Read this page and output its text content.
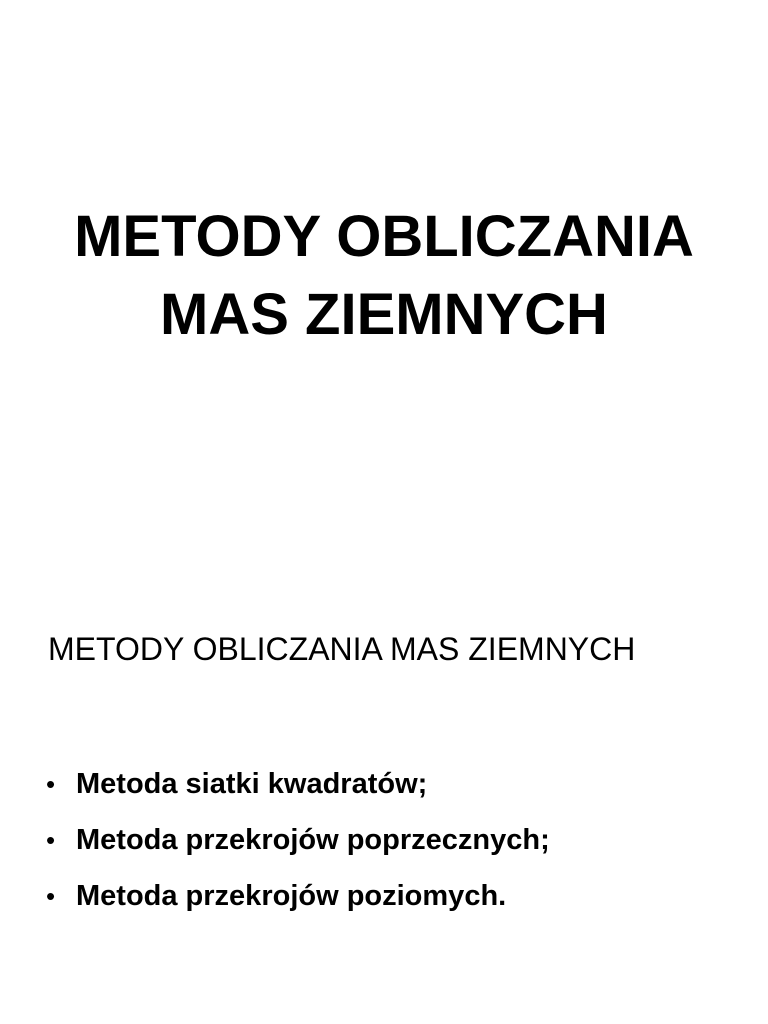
METODY OBLICZANIA
MAS ZIEMNYCH
METODY OBLICZANIA MAS ZIEMNYCH
• Metoda siatki kwadratów;
• Metoda przekrojów poprzecznych;
• Metoda przekrojów poziomych.
